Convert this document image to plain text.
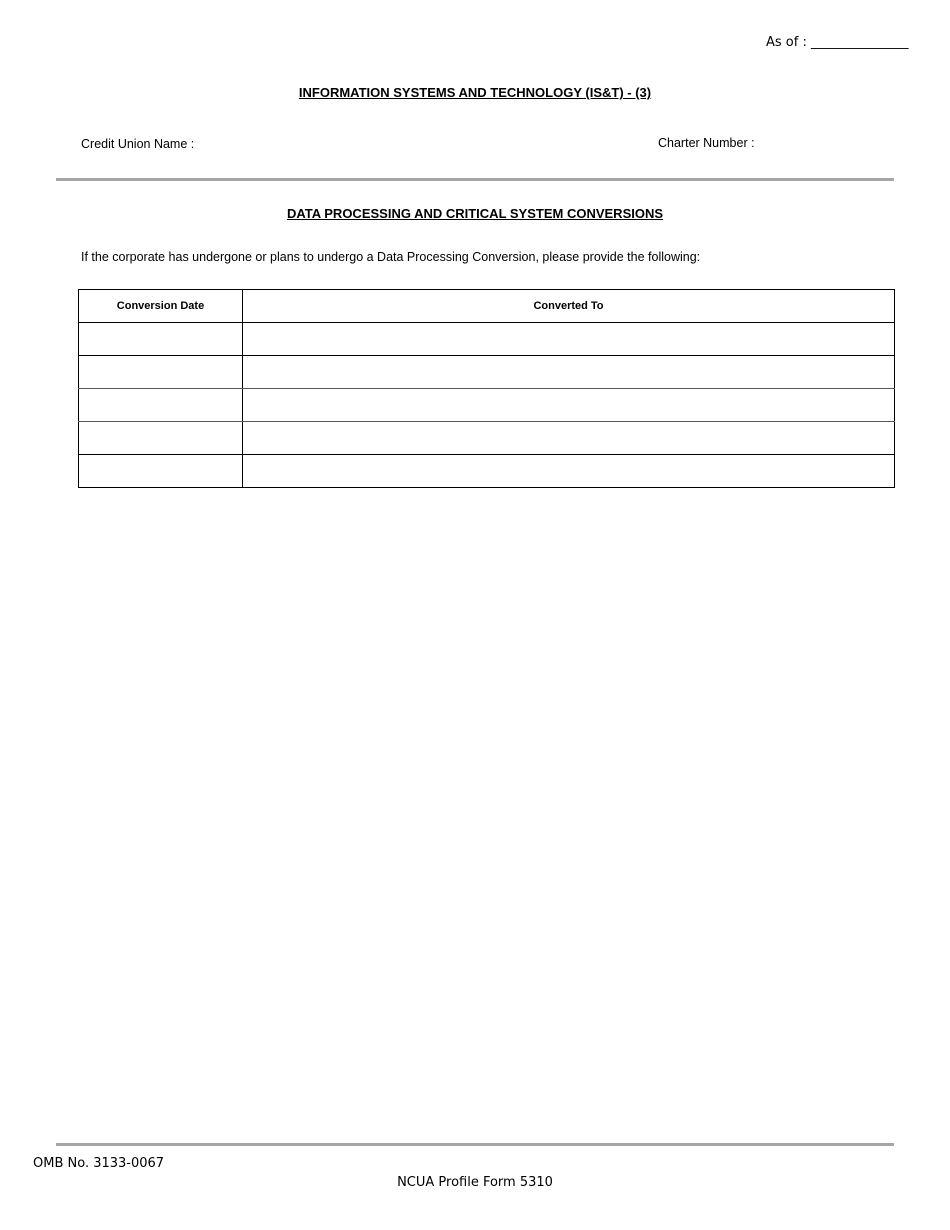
As of : _______________
INFORMATION SYSTEMS AND TECHNOLOGY (IS&T) - (3)
Credit Union Name :	Charter Number :
DATA PROCESSING AND CRITICAL SYSTEM CONVERSIONS
If the corporate has undergone or plans to undergo a Data Processing Conversion, please provide the following:
Conversion Date	Converted To

OMB No. 3133-0067
NCUA Profile Form 5310
